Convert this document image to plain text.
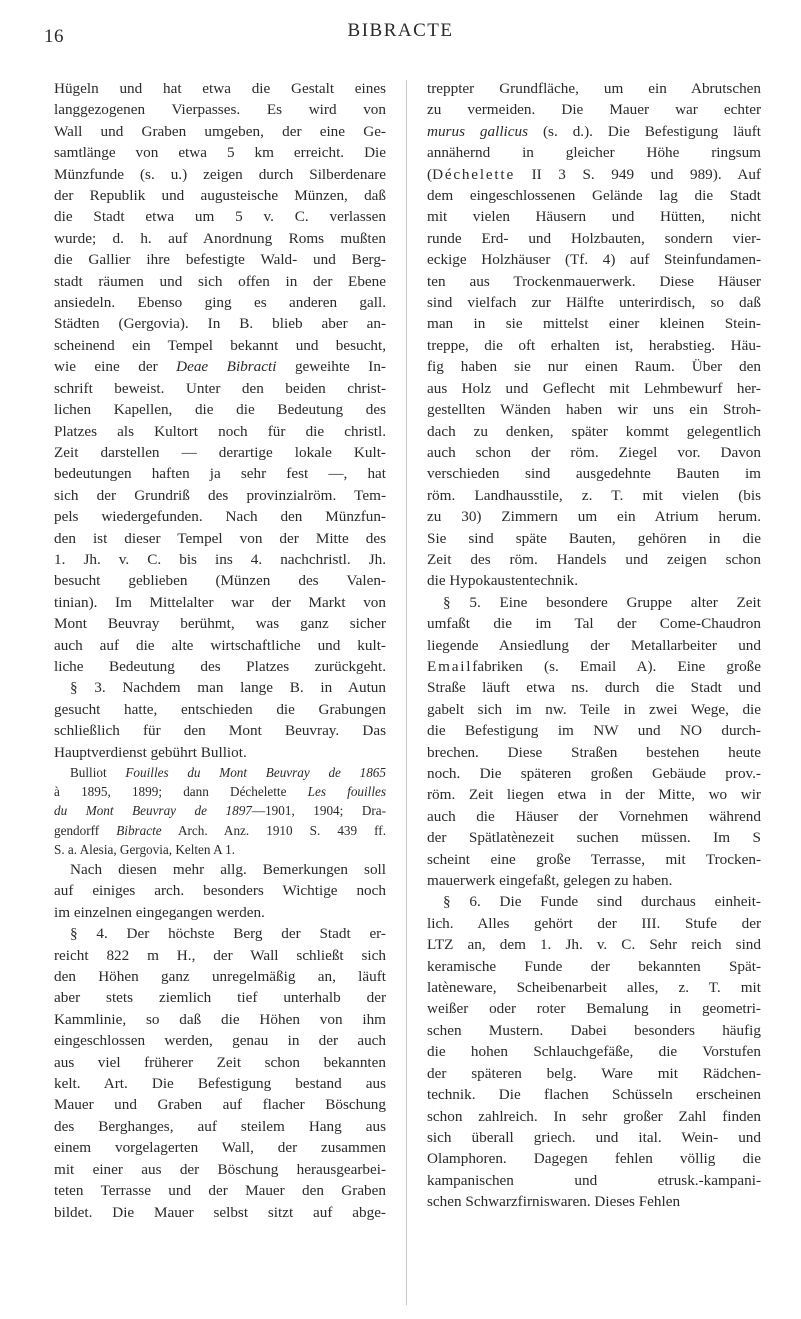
16	BIBRACTE
Hügeln und hat etwa die Gestalt eines
langgezogenen Vierpasses. Es wird von
Wall und Graben umgeben, der eine Ge-
samtlänge von etwa 5 km erreicht. Die
Münzfunde (s. u.) zeigen durch Silberdenare
der Republik und augusteische Münzen, daß
die Stadt etwa um 5 v. C. verlassen
wurde; d. h. auf Anordnung Roms mußten
die Gallier ihre befestigte Wald- und Berg-
stadt räumen und sich offen in der Ebene
ansiedeln. Ebenso ging es anderen gall.
Städten (Gergovia). In B. blieb aber an-
scheinend ein Tempel bekannt und besucht,
wie eine der Deae Bibracti geweihte In-
schrift beweist. Unter den beiden christ-
lichen Kapellen, die die Bedeutung des
Platzes als Kultort noch für die christl.
Zeit darstellen — derartige lokale Kult-
bedeutungen haften ja sehr fest —, hat
sich der Grundriß des provinzialröm. Tem-
pels wiedergefunden. Nach den Münzfun-
den ist dieser Tempel von der Mitte des
1. Jh. v. C. bis ins 4. nachchristl. Jh.
besucht geblieben (Münzen des Valen-
tinian). Im Mittelalter war der Markt von
Mont Beuvray berühmt, was ganz sicher
auch auf die alte wirtschaftliche und kult-
liche Bedeutung des Platzes zurückgeht.
§ 3. Nachdem man lange B. in Autun
gesucht hatte, entschieden die Grabungen
schließlich für den Mont Beuvray. Das
Hauptverdienst gebührt Bulliot.
Bulliot Fouilles du Mont Beuvray de 1865
à 1895, 1899; dann Déchelette Les fouilles
du Mont Beuvray de 1897—1901, 1904; Dra-
gendorff Bibracte Arch. Anz. 1910 S. 439 ff.
S. a. Alesia, Gergovia, Kelten A 1.
Nach diesen mehr allg. Bemerkungen soll
auf einiges arch. besonders Wichtige noch
im einzelnen eingegangen werden.
§ 4. Der höchste Berg der Stadt er-
reicht 822 m H., der Wall schließt sich
den Höhen ganz unregelmäßig an, läuft
aber stets ziemlich tief unterhalb der
Kammlinie, so daß die Höhen von ihm
eingeschlossen werden, genau in der auch
aus viel früherer Zeit schon bekannten
kelt. Art. Die Befestigung bestand aus
Mauer und Graben auf flacher Böschung
des Berghanges, auf steilem Hang aus
einem vorgelagerten Wall, der zusammen
mit einer aus der Böschung herausgearbei-
teten Terrasse und der Mauer den Graben
bildet. Die Mauer selbst sitzt auf abge-
treppter Grundfläche, um ein Abrutschen
zu vermeiden. Die Mauer war echter
murus gallicus (s. d.). Die Befestigung läuft
annähernd in gleicher Höhe ringsum
(Déchelette II 3 S. 949 und 989). Auf
dem eingeschlossenen Gelände lag die Stadt
mit vielen Häusern und Hütten, nicht
runde Erd- und Holzbauten, sondern vier-
eckige Holzhäuser (Tf. 4) auf Steinfundamen-
ten aus Trockenmauerwerk. Diese Häuser
sind vielfach zur Hälfte unterirdisch, so daß
man in sie mittelst einer kleinen Stein-
treppe, die oft erhalten ist, herabstieg. Häu-
fig haben sie nur einen Raum. Über den
aus Holz und Geflecht mit Lehmbewurf her-
gestellten Wänden haben wir uns ein Stroh-
dach zu denken, später kommt gelegentlich
auch schon der röm. Ziegel vor. Davon
verschieden sind ausgedehnte Bauten im
röm. Landhausstile, z. T. mit vielen (bis
zu 30) Zimmern um ein Atrium herum.
Sie sind späte Bauten, gehören in die
Zeit des röm. Handels und zeigen schon
die Hypokaustentechnik.
§ 5. Eine besondere Gruppe alter Zeit
umfaßt die im Tal der Come-Chaudron
liegende Ansiedlung der Metallarbeiter und
Emailfabriken (s. Email A). Eine große
Straße läuft etwa ns. durch die Stadt und
gabelt sich im nw. Teile in zwei Wege, die
die Befestigung im NW und NO durch-
brechen. Diese Straßen bestehen heute
noch. Die späteren großen Gebäude prov.-
röm. Zeit liegen etwa in der Mitte, wo wir
auch die Häuser der Vornehmen während
der Spätlatènezeit suchen müssen. Im S
scheint eine große Terrasse, mit Trocken-
mauerwerk eingefaßt, gelegen zu haben.
§ 6. Die Funde sind durchaus einheit-
lich. Alles gehört der III. Stufe der
LTZ an, dem 1. Jh. v. C. Sehr reich sind
keramische Funde der bekannten Spät-
latèneware, Scheibenarbeit alles, z. T. mit
weißer oder roter Bemalung in geometri-
schen Mustern. Dabei besonders häufig
die hohen Schlauchgefäße, die Vorstufen
der späteren belg. Ware mit Rädchen-
technik. Die flachen Schüsseln erscheinen
schon zahlreich. In sehr großer Zahl finden
sich überall griech. und ital. Wein- und
Olamphoren. Dagegen fehlen völlig die
kampanischen und etrusk.-kampani-
schen Schwarzfirniswaren. Dieses Fehlen
